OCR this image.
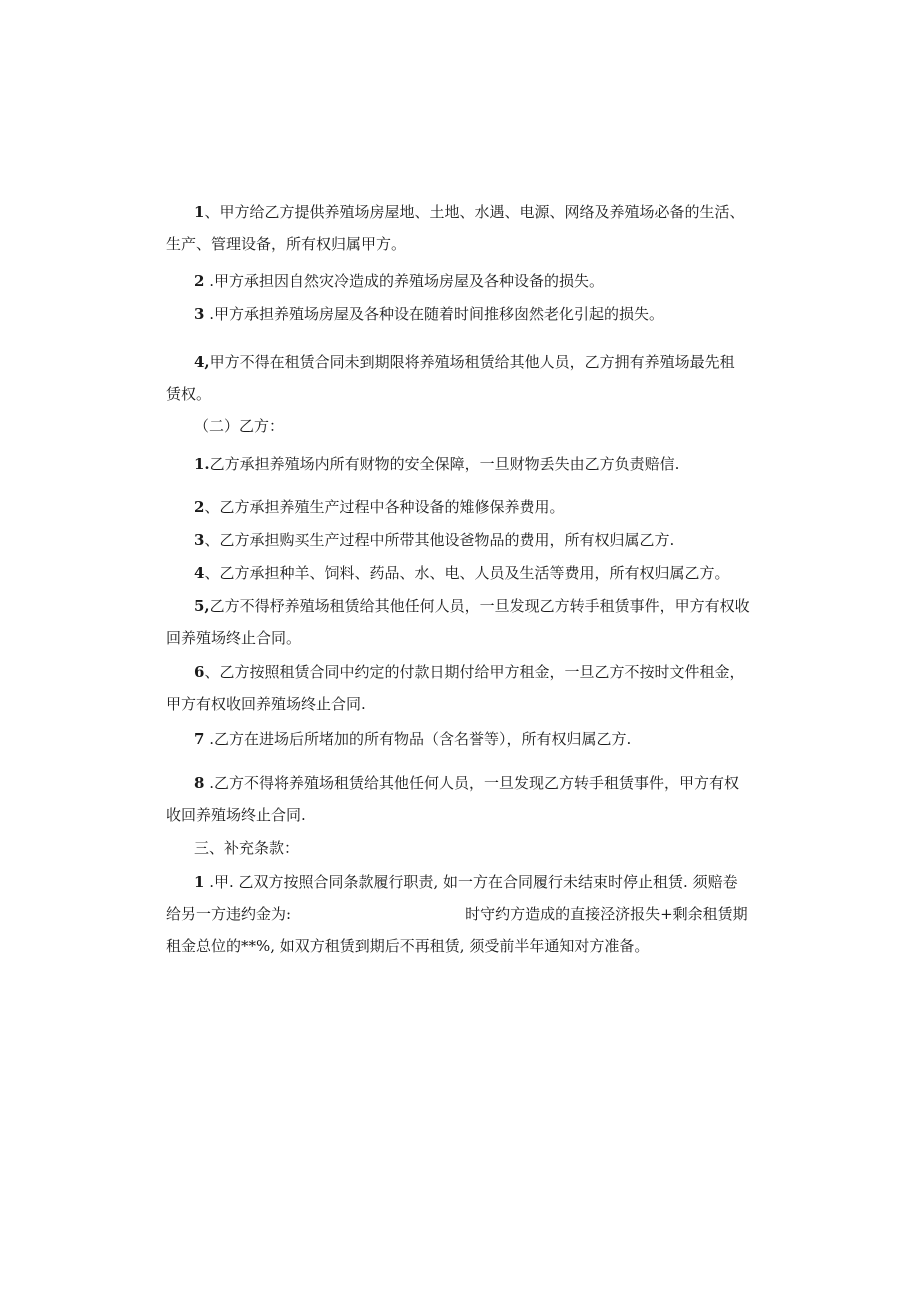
1、甲方给乙方提供养殖场房屋地、土地、水遇、电源、网络及养殖场必备的生活、
生产、管理设备，所有权归属甲方。

2 .甲方承担因自然灾冷造成的养殖场房屋及各种设备的损失。

3 .甲方承担养殖场房屋及各种设在随着时间推移囱然老化引起的损失。

4,甲方不得在租赁合同未到期限将养殖场租赁给其他人员，乙方拥有养殖场最先租
赁权。

（二）乙方：

1.乙方承担养殖场内所有财物的安全保障，一旦财物丢失由乙方负责赔信.

2、乙方承担养殖生产过程中各种设备的雉修保养费用。

3、乙方承担购买生产过程中所带其他设爸物品的费用，所有权归属乙方.

4、乙方承担种羊、饲料、药品、水、电、人员及生活等费用，所有权归属乙方。

5,乙方不得杼养殖场租赁给其他任何人员，一旦发现乙方转手租赁事件，甲方有权收
回养殖场终止合同。

6、乙方按照租赁合同中约定的付款日期付给甲方租金，一旦乙方不按时文件租金，
甲方有权收回养殖场终止合同.

7 .乙方在进场后所堵加的所有物品（含名誉等），所有权归属乙方.

8 .乙方不得将养殖场租赁给其他任何人员，一旦发现乙方转手租赁事件，甲方有权
收回养殖场终止合同.

三、补充条款：

1 .甲. 乙双方按照合同条款履行职责, 如一方在合同履行未结束时停止租赁. 须赔卷
给另一方违约金为:	时守约方造成的直接泾济报失+剩余租赁期
租金总位的**%, 如双方租赁到期后不再租赁, 须受前半年通知对方准备。
